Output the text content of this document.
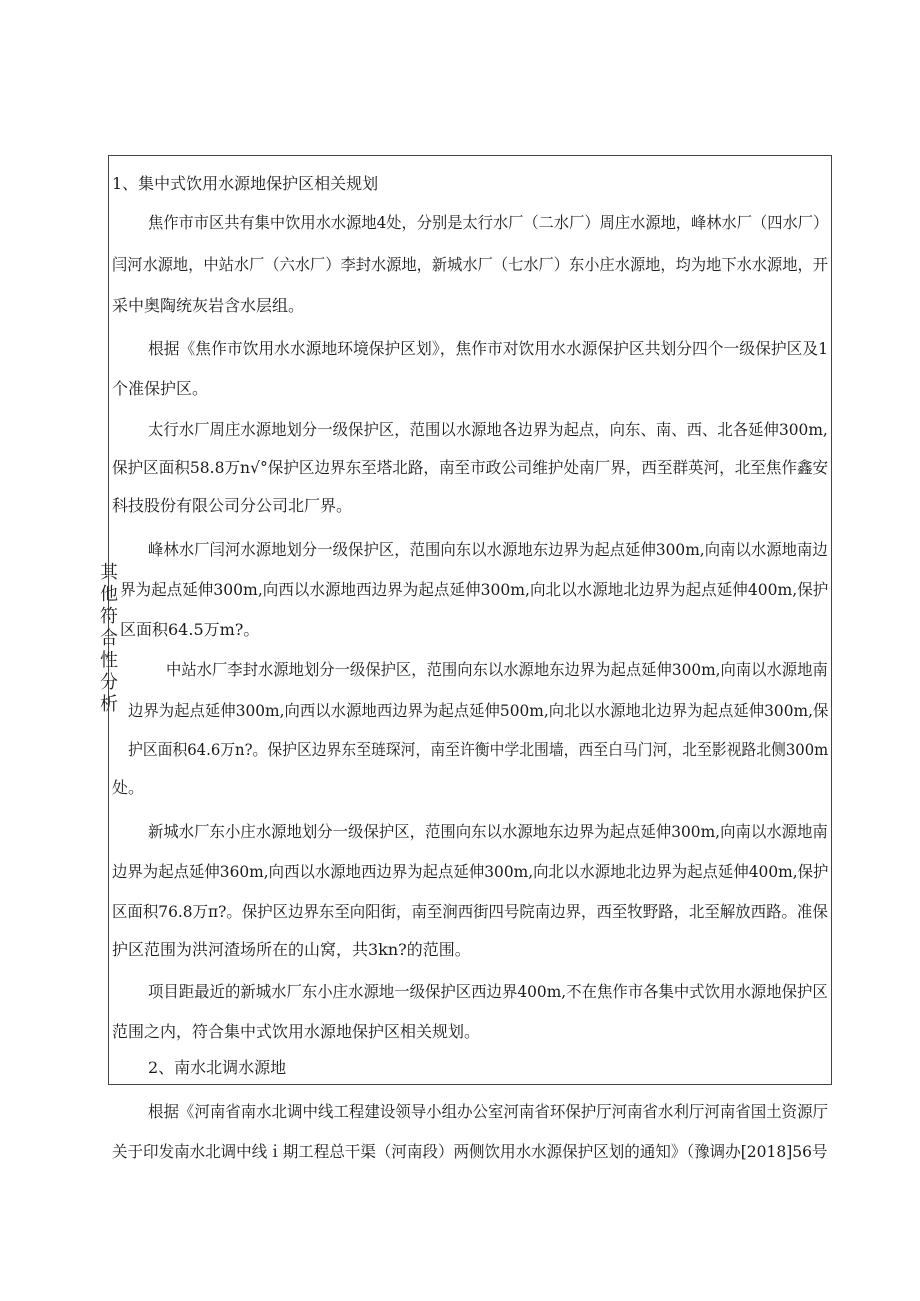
其
他
符
合
性
分
析
1、集中式饮用水源地保护区相关规划
焦作市市区共有集中饮用水水源地4处，分别是太行水厂（二水厂）周庄水源地，峰林水厂（四水厂）
闫河水源地，中站水厂（六水厂）李封水源地，新城水厂（七水厂）东小庄水源地，均为地下水水源地，开
采中奥陶统灰岩含水层组。
根据《焦作市饮用水水源地环境保护区划》，焦作市对饮用水水源保护区共划分四个一级保护区及1
个准保护区。
太行水厂周庄水源地划分一级保护区，范围以水源地各边界为起点，向东、南、西、北各延伸300m,
保护区面积58.8万n√°保护区边界东至塔北路，南至市政公司维护处南厂界，西至群英河，北至焦作鑫安
科技股份有限公司分公司北厂界。
峰林水厂闫河水源地划分一级保护区，范围向东以水源地东边界为起点延伸300m,向南以水源地南边
界为起点延伸300m,向西以水源地西边界为起点延伸300m,向北以水源地北边界为起点延伸400m,保护
区面积64.5万m?。
中站水厂李封水源地划分一级保护区，范围向东以水源地东边界为起点延伸300m,向南以水源地南
边界为起点延伸300m,向西以水源地西边界为起点延伸500m,向北以水源地北边界为起点延伸300m,保
护区面积64.6万n?。保护区边界东至琏琛河，南至许衡中学北围墙，西至白马门河，北至影视路北侧300m
处。
新城水厂东小庄水源地划分一级保护区，范围向东以水源地东边界为起点延伸300m,向南以水源地南
边界为起点延伸360m,向西以水源地西边界为起点延伸300m,向北以水源地北边界为起点延伸400m,保护
区面积76.8万π?。保护区边界东至向阳街，南至涧西街四号院南边界，西至牧野路，北至解放西路。准保
护区范围为洪河渣场所在的山窝，共3kn?的范围。
项目距最近的新城水厂东小庄水源地一级保护区西边界400m,不在焦作市各集中式饮用水源地保护区
范围之内，符合集中式饮用水源地保护区相关规划。
2、南水北调水源地
根据《河南省南水北调中线工程建设领导小组办公室河南省环保护厅河南省水利厅河南省国土资源厅
关于印发南水北调中线ｉ期工程总干渠（河南段）两侧饮用水水源保护区划的通知》（豫调办[2018]56号
